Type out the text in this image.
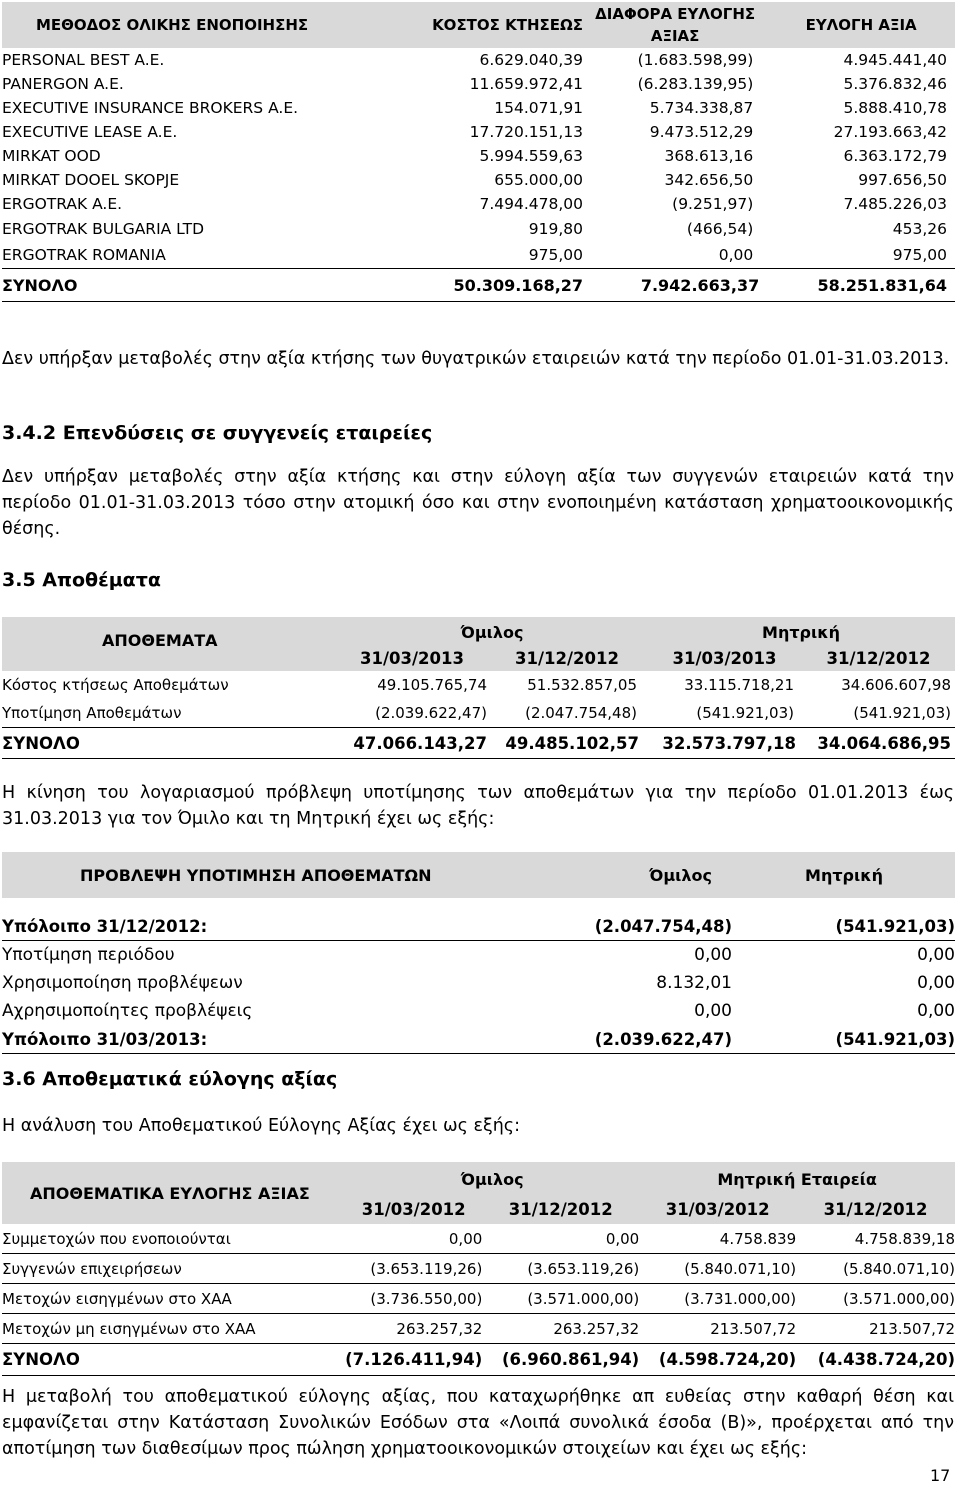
ΜΕΘΟΔΟΣ ΟΛΙΚΗΣ ΕΝΟΠΟΙΗΣΗΣ	ΚΟΣΤΟΣ ΚΤΗΣΕΩΣ	ΔΙΑΦΟΡΑ ΕΥΛΟΓΗΣ ΑΞΙΑΣ	ΕΥΛΟΓΗ ΑΞΙΑ
PERSONAL BEST A.E.	6.629.040,39	(1.683.598,99)	4.945.441,40
PANERGON A.E.	11.659.972,41	(6.283.139,95)	5.376.832,46
EXECUTIVE INSURANCE BROKERS A.E.	154.071,91	5.734.338,87	5.888.410,78
EXECUTIVE LEASE A.E.	17.720.151,13	9.473.512,29	27.193.663,42
MIRKAT OOD	5.994.559,63	368.613,16	6.363.172,79
MIRKAT DOOEL SKOPJE	655.000,00	342.656,50	997.656,50
ERGOTRAK A.E.	7.494.478,00	(9.251,97)	7.485.226,03
ERGOTRAK BULGARIA LTD	919,80	(466,54)	453,26
ERGOTRAK ROMANIA	975,00	0,00	975,00
ΣΥΝΟΛΟ	50.309.168,27	7.942.663,37	58.251.831,64

Δεν υπήρξαν μεταβολές στην αξία κτήσης των θυγατρικών εταιρειών κατά την περίοδο 01.01-31.03.2013.

3.4.2 Επενδύσεις σε συγγενείς εταιρείες

Δεν υπήρξαν μεταβολές στην αξία κτήσης και στην εύλογη αξία των συγγενών εταιρειών κατά την περίοδο 01.01-31.03.2013 τόσο στην ατομική όσο και στην ενοποιημένη κατάσταση χρηματοοικονομικής θέσης.

3.5 Αποθέματα
ΑΠΟΘΕΜΑΤΑ	Όμιλος		Μητρική	
	31/03/2013	31/12/2012	31/03/2013	31/12/2012
Κόστος κτήσεως Αποθεμάτων	49.105.765,74	51.532.857,05	33.115.718,21	34.606.607,98
Υποτίμηση Αποθεμάτων	(2.039.622,47)	(2.047.754,48)	(541.921,03)	(541.921,03)
ΣΥΝΟΛΟ	47.066.143,27	49.485.102,57	32.573.797,18	34.064.686,95

Η κίνηση του λογαριασμού πρόβλεψη υποτίμησης των αποθεμάτων για την περίοδο 01.01.2013 έως 31.03.2013 για τον Όμιλο και τη Μητρική έχει ως εξής:

ΠΡΟΒΛΕΨΗ ΥΠΟΤΙΜΗΣΗ ΑΠΟΘΕΜΑΤΩΝ	Όμιλος	Μητρική

Υπόλοιπο 31/12/2012:	(2.047.754,48)	(541.921,03)
Υποτίμηση περιόδου	0,00	0,00
Χρησιμοποίηση προβλέψεων	8.132,01	0,00
Αχρησιμοποίητες προβλέψεις	0,00	0,00
Υπόλοιπο 31/03/2013:	(2.039.622,47)	(541.921,03)
3.6 Αποθεματικά εύλογης αξίας

Η ανάλυση του Αποθεματικού Εύλογης Αξίας έχει ως εξής:

ΑΠΟΘΕΜΑΤΙΚΑ ΕΥΛΟΓΗΣ ΑΞΙΑΣ	Όμιλος		Μητρική Εταιρεία	
	31/03/2012	31/12/2012	31/03/2012	31/12/2012
Συμμετοχών που ενοποιούνται	0,00	0,00	4.758.839	4.758.839,18
Συγγενών επιχειρήσεων	(3.653.119,26)	(3.653.119,26)	(5.840.071,10)	(5.840.071,10)
Μετοχών εισηγμένων στο ΧΑΑ	(3.736.550,00)	(3.571.000,00)	(3.731.000,00)	(3.571.000,00)
Μετοχών μη εισηγμένων στο ΧΑΑ	263.257,32	263.257,32	213.507,72	213.507,72
ΣΥΝΟΛΟ	(7.126.411,94)	(6.960.861,94)	(4.598.724,20)	(4.438.724,20)

Η μεταβολή του αποθεματικού εύλογης αξίας, που καταχωρήθηκε απ ευθείας στην καθαρή θέση και εμφανίζεται στην Κατάσταση Συνολικών Εσόδων στα «Λοιπά συνολικά έσοδα (Β)», προέρχεται από την αποτίμηση των διαθεσίμων προς πώληση χρηματοοικονομικών στοιχείων και έχει ως εξής:

17
